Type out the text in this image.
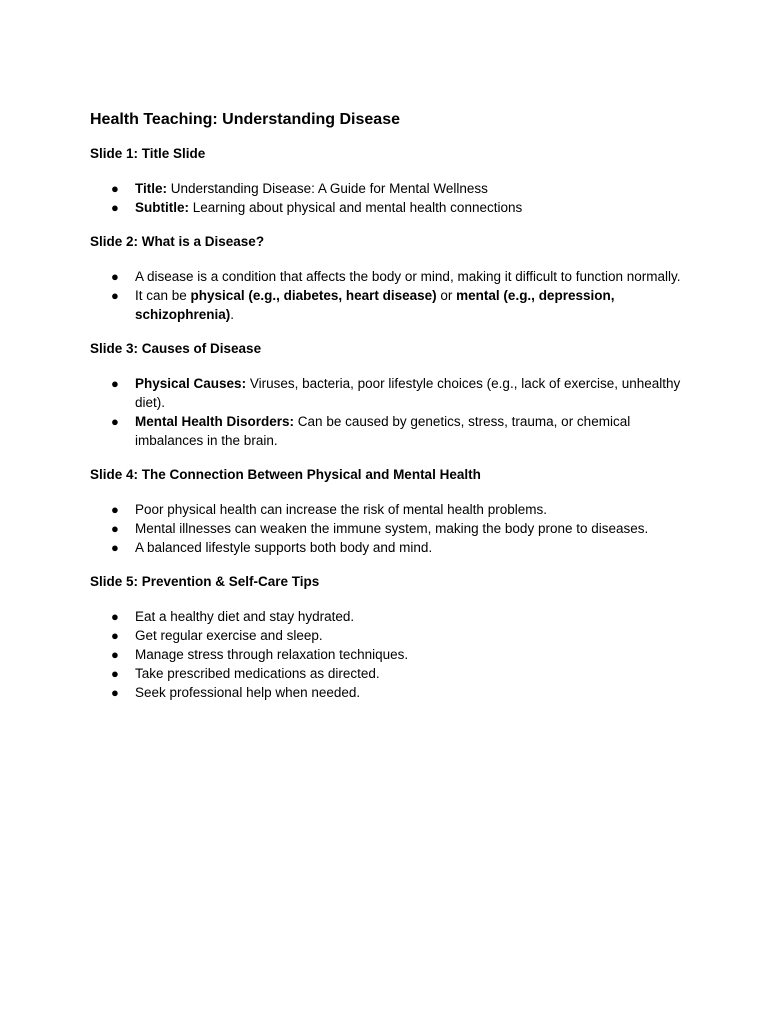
Health Teaching: Understanding Disease
Slide 1: Title Slide
● Title: Understanding Disease: A Guide for Mental Wellness
● Subtitle: Learning about physical and mental health connections
Slide 2: What is a Disease?
● A disease is a condition that affects the body or mind, making it difficult to function normally.
● It can be physical (e.g., diabetes, heart disease) or mental (e.g., depression, schizophrenia).
Slide 3: Causes of Disease
● Physical Causes: Viruses, bacteria, poor lifestyle choices (e.g., lack of exercise, unhealthy diet).
● Mental Health Disorders: Can be caused by genetics, stress, trauma, or chemical imbalances in the brain.
Slide 4: The Connection Between Physical and Mental Health
● Poor physical health can increase the risk of mental health problems.
● Mental illnesses can weaken the immune system, making the body prone to diseases.
● A balanced lifestyle supports both body and mind.
Slide 5: Prevention & Self-Care Tips
● Eat a healthy diet and stay hydrated.
● Get regular exercise and sleep.
● Manage stress through relaxation techniques.
● Take prescribed medications as directed.
● Seek professional help when needed.
